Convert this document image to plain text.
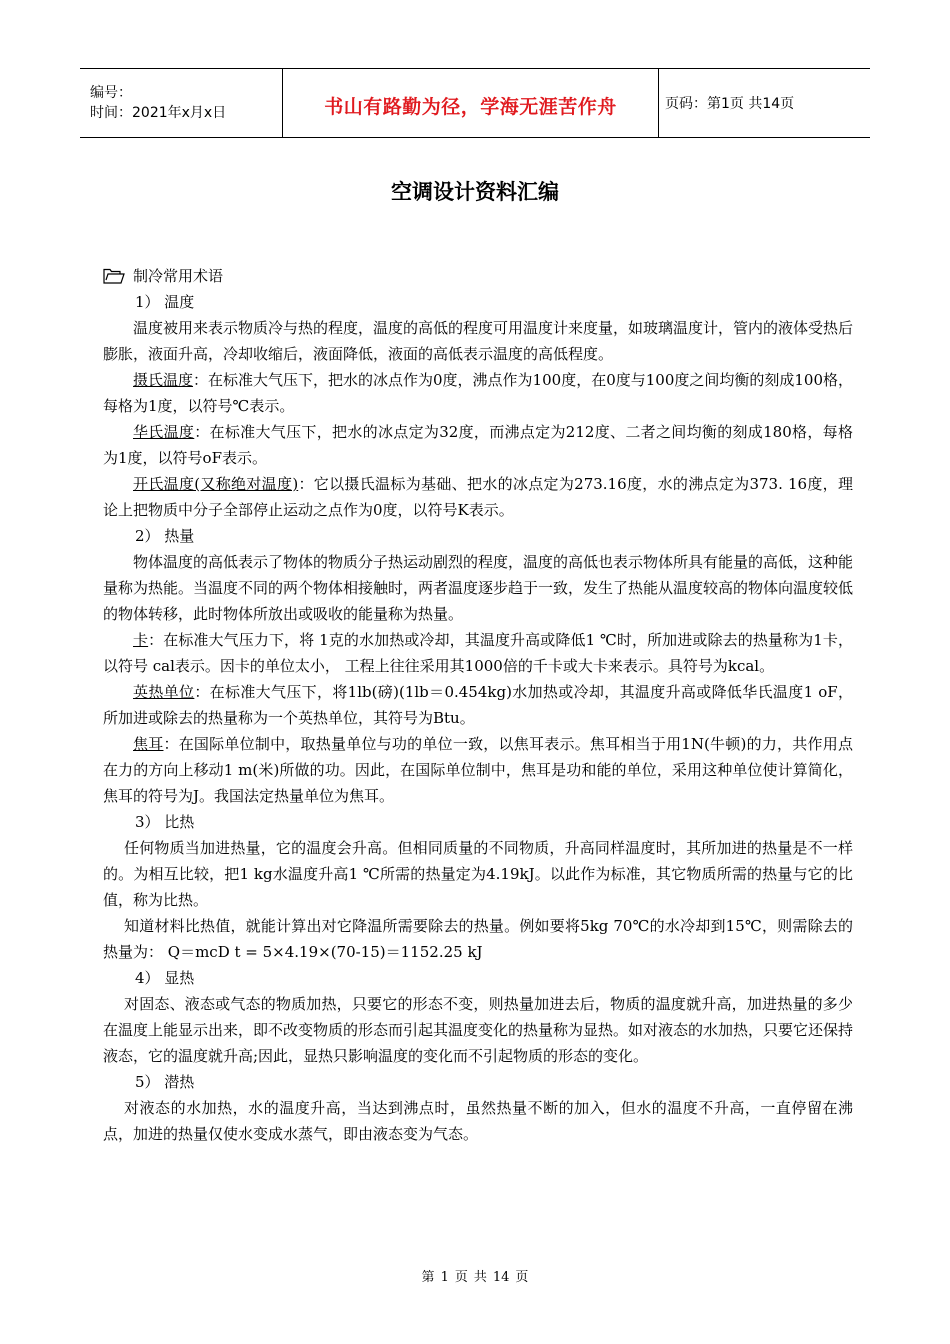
编号：
时间：2021年x月x日	书山有路勤为径，学海无涯苦作舟	页码：第1页 共14页
空调设计资料汇编
制冷常用术语

1） 温度

温度被用来表示物质冷与热的程度，温度的高低的程度可用温度计来度量，如玻璃温度计，管内的液体受热后膨胀，液面升高，冷却收缩后，液面降低，液面的高低表示温度的高低程度。

摄氏温度：在标准大气压下，把水的冰点作为0度，沸点作为100度，在0度与100度之间均衡的刻成100格，每格为1度，以符号℃表示。

华氏温度：在标准大气压下，把水的冰点定为32度，而沸点定为212度、二者之间均衡的刻成180格，每格为1度，以符号oF表示。

开氏温度(又称绝对温度)：它以摄氏温标为基础、把水的冰点定为273.16度，水的沸点定为373. 16度，理论上把物质中分子全部停止运动之点作为0度，以符号K表示。

2） 热量

物体温度的高低表示了物体的物质分子热运动剧烈的程度，温度的高低也表示物体所具有能量的高低，这种能量称为热能。当温度不同的两个物体相接触时，两者温度逐步趋于一致，发生了热能从温度较高的物体向温度较低的物体转移，此时物体所放出或吸收的能量称为热量。

卡：在标准大气压力下，将 1克的水加热或冷却，其温度升高或降低1 ℃时，所加进或除去的热量称为1卡，以符号 cal表示。因卡的单位太小， 工程上往往采用其1000倍的千卡或大卡来表示。具符号为kcal。

英热单位：在标准大气压下，将1lb(磅)(1lb＝0.454kg)水加热或冷却，其温度升高或降低华氏温度1 oF，所加进或除去的热量称为一个英热单位，其符号为Btu。

焦耳：在国际单位制中，取热量单位与功的单位一致，以焦耳表示。焦耳相当于用1N(牛顿)的力，共作用点在力的方向上移动1 m(米)所做的功。因此，在国际单位制中，焦耳是功和能的单位，采用这种单位使计算简化，焦耳的符号为J。我国法定热量单位为焦耳。

3） 比热

任何物质当加进热量，它的温度会升高。但相同质量的不同物质，升高同样温度时，其所加进的热量是不一样的。为相互比较，把1 kg水温度升高1 ℃所需的热量定为4.19kJ。以此作为标准，其它物质所需的热量与它的比值，称为比热。

知道材料比热值，就能计算出对它降温所需要除去的热量。例如要将5kg 70℃的水冷却到15℃，则需除去的热量为： Q＝mcD t = 5×4.19×(70-15)＝1152.25 kJ

4） 显热

对固态、液态或气态的物质加热，只要它的形态不变，则热量加进去后，物质的温度就升高，加进热量的多少在温度上能显示出来，即不改变物质的形态而引起其温度变化的热量称为显热。如对液态的水加热，只要它还保持液态，它的温度就升高;因此，显热只影响温度的变化而不引起物质的形态的变化。

5） 潜热

对液态的水加热，水的温度升高，当达到沸点时，虽然热量不断的加入，但水的温度不升高，一直停留在沸点，加进的热量仅使水变成水蒸气，即由液态变为气态。

第 1 页 共 14 页
